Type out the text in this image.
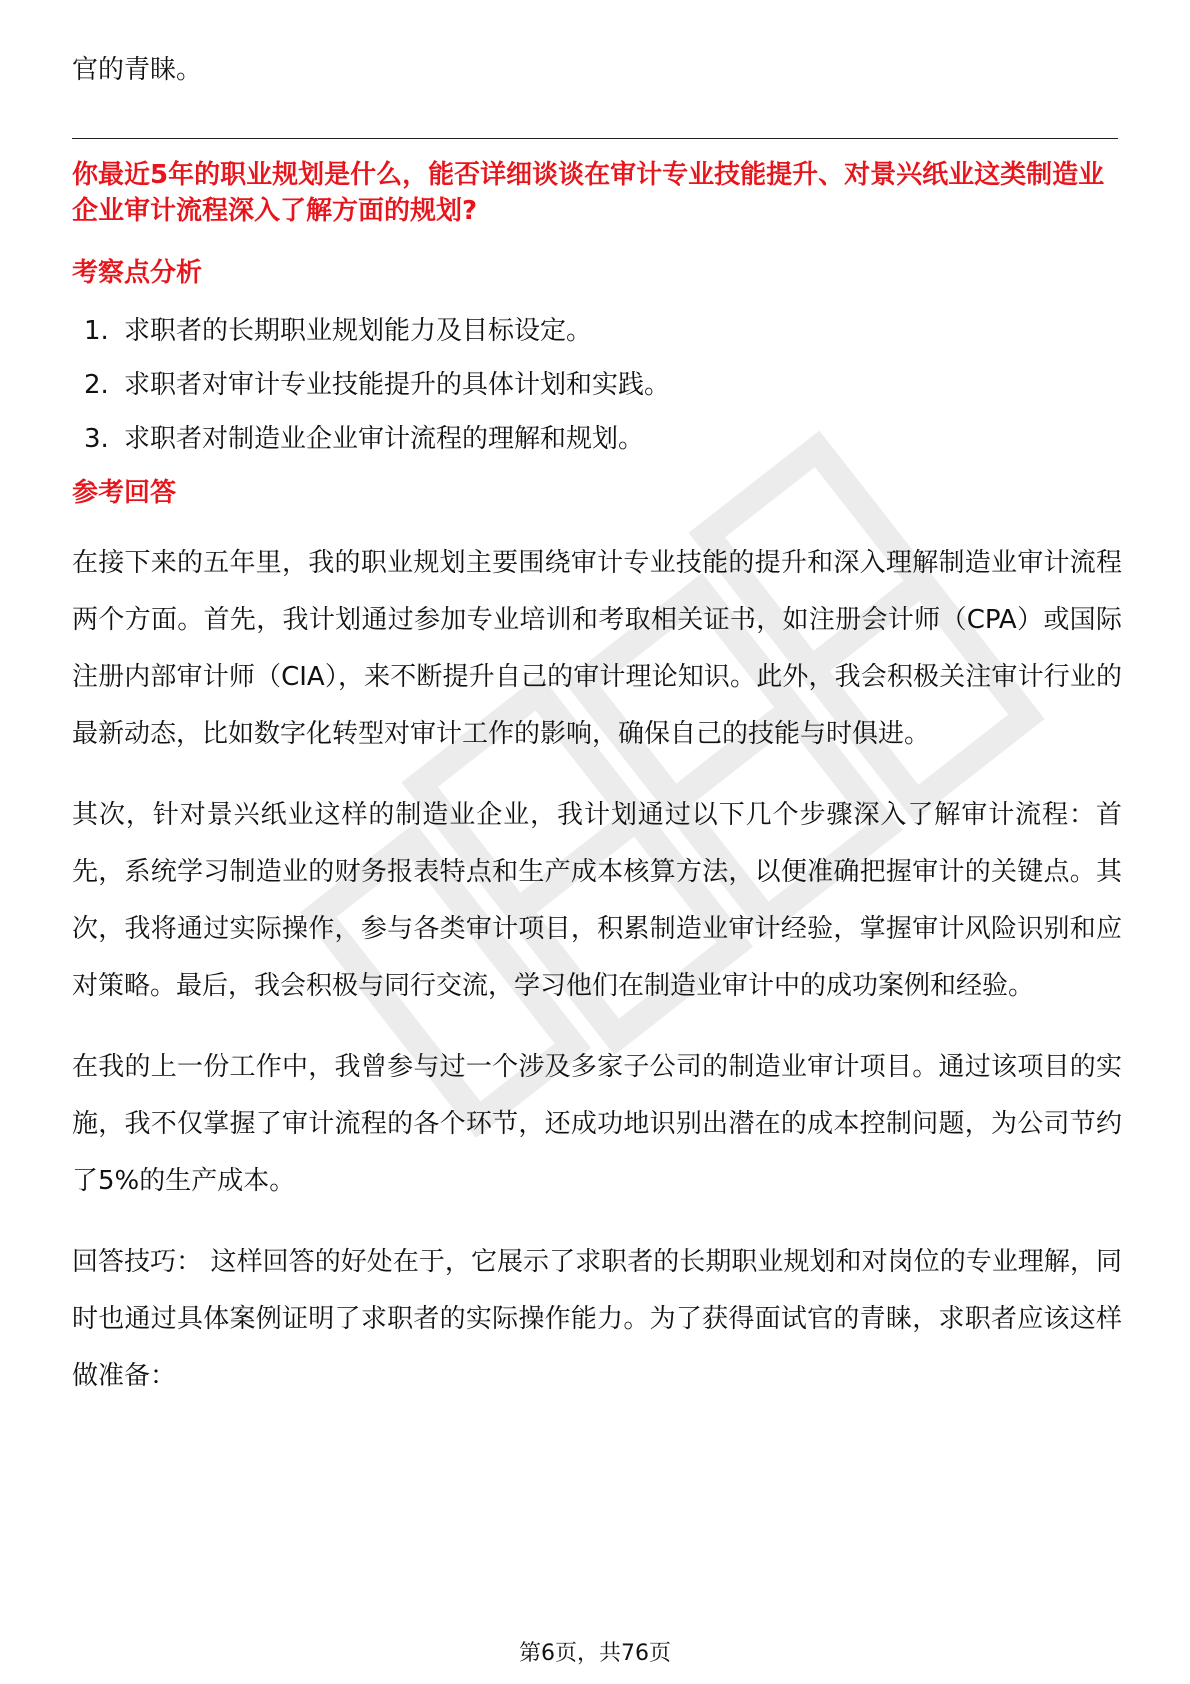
官的青睐。

你最近5年的职业规划是什么，能否详细谈谈在审计专业技能提升、对景兴纸业这类制造业企业审计流程深入了解方面的规划?

考察点分析
1. 求职者的长期职业规划能力及目标设定。
2. 求职者对审计专业技能提升的具体计划和实践。
3. 求职者对制造业企业审计流程的理解和规划。
参考回答

在接下来的五年里，我的职业规划主要围绕审计专业技能的提升和深入理解制造业审计流程两个方面。首先，我计划通过参加专业培训和考取相关证书，如注册会计师（CPA）或国际注册内部审计师（CIA），来不断提升自己的审计理论知识。此外，我会积极关注审计行业的最新动态，比如数字化转型对审计工作的影响，确保自己的技能与时俱进。

其次，针对景兴纸业这样的制造业企业，我计划通过以下几个步骤深入了解审计流程：首先，系统学习制造业的财务报表特点和生产成本核算方法，以便准确把握审计的关键点。其次，我将通过实际操作，参与各类审计项目，积累制造业审计经验，掌握审计风险识别和应对策略。最后，我会积极与同行交流，学习他们在制造业审计中的成功案例和经验。

在我的上一份工作中，我曾参与过一个涉及多家子公司的制造业审计项目。通过该项目的实施，我不仅掌握了审计流程的各个环节，还成功地识别出潜在的成本控制问题，为公司节约了5%的生产成本。

回答技巧： 这样回答的好处在于，它展示了求职者的长期职业规划和对岗位的专业理解，同时也通过具体案例证明了求职者的实际操作能力。为了获得面试官的青睐，求职者应该这样做准备：

第6页，共76页
